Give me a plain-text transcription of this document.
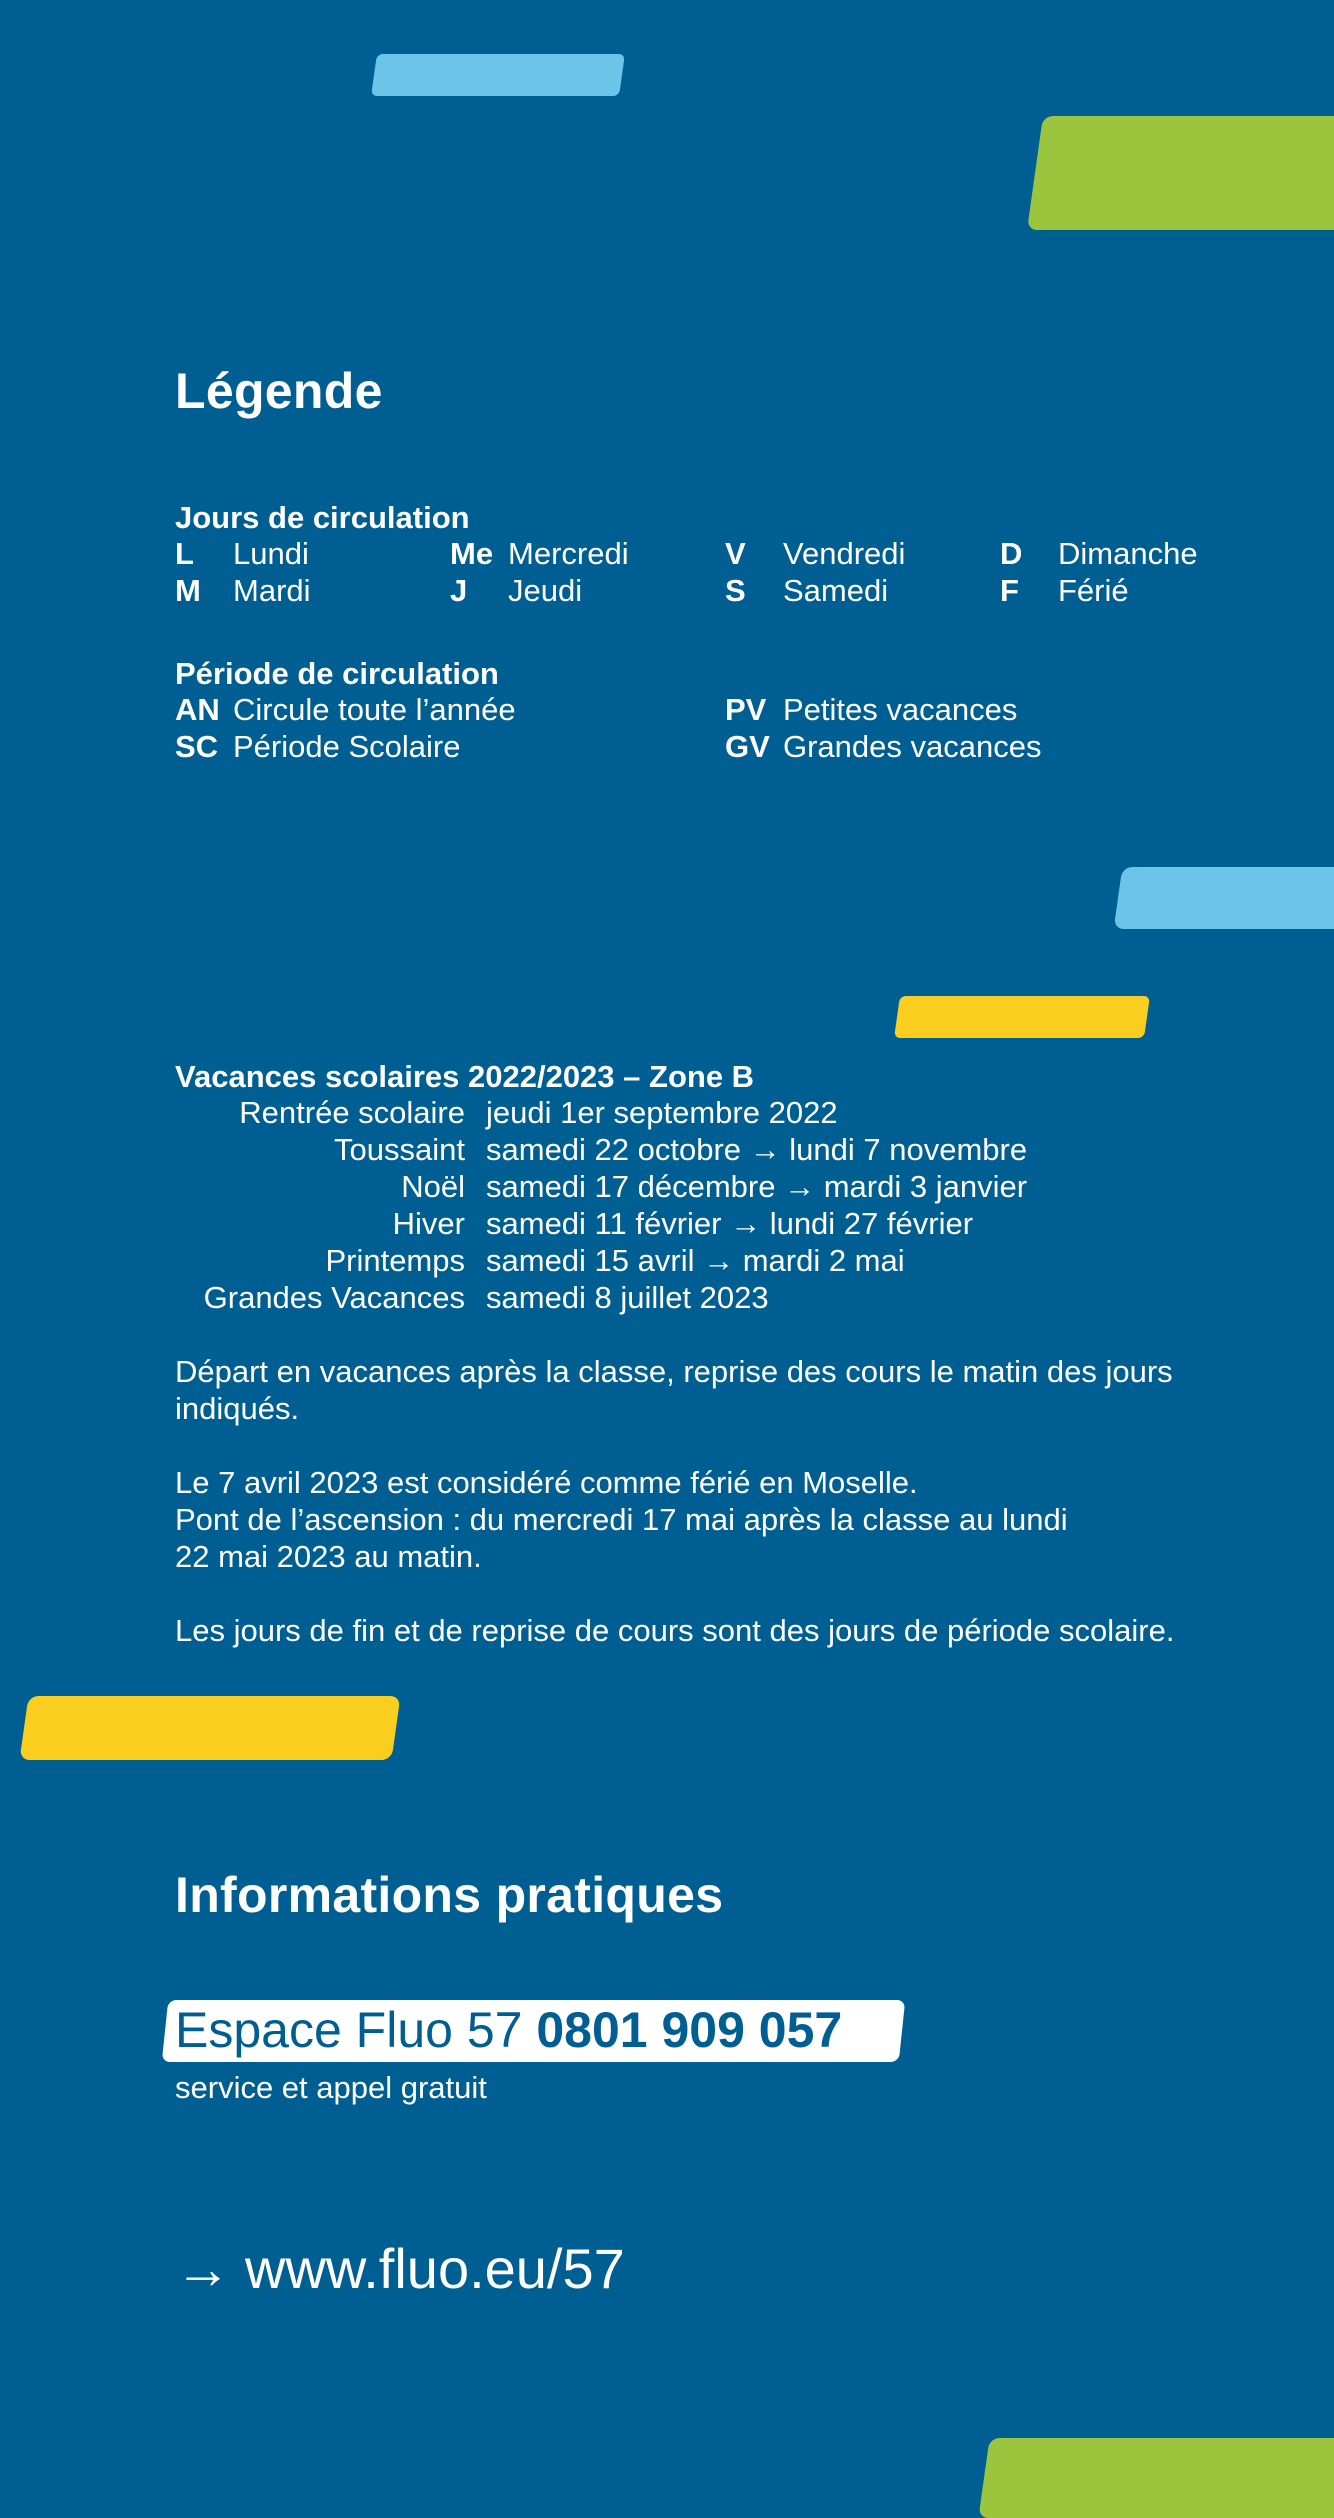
Légende
Jours de circulation
L Lundi
M Mardi
Me Mercredi
J Jeudi
V Vendredi
S Samedi
D Dimanche
F Férié
Période de circulation
AN Circule toute l’année
SC Période Scolaire
PV Petites vacances
GV Grandes vacances
Vacances scolaires 2022/2023 – Zone B
Rentrée scolaire jeudi 1er septembre 2022
Toussaint samedi 22 octobre → lundi 7 novembre
Noël samedi 17 décembre → mardi 3 janvier
Hiver samedi 11 février → lundi 27 février
Printemps samedi 15 avril → mardi 2 mai
Grandes Vacances samedi 8 juillet 2023

Départ en vacances après la classe, reprise des cours le matin des jours indiqués.

Le 7 avril 2023 est considéré comme férié en Moselle.
Pont de l’ascension : du mercredi 17 mai après la classe au lundi
22 mai 2023 au matin.

Les jours de fin et de reprise de cours sont des jours de période scolaire.

Informations pratiques
Espace Fluo 57 0801 909 057
service et appel gratuit
→ www.fluo.eu/57
